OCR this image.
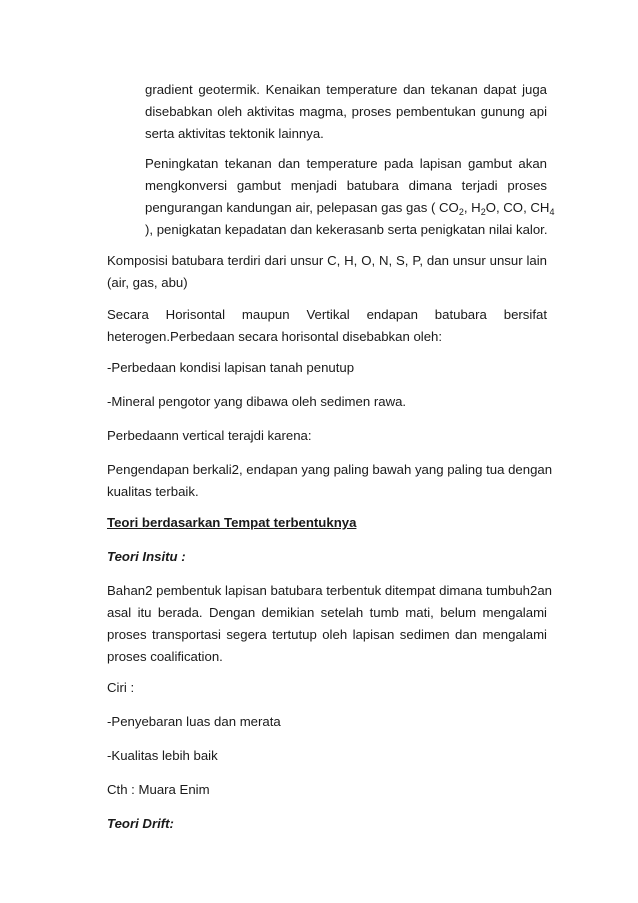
gradient geotermik. Kenaikan temperature dan tekanan dapat juga
disebabkan oleh aktivitas magma, proses pembentukan gunung api
serta aktivitas tektonik lainnya.
Peningkatan tekanan dan temperature pada lapisan gambut akan
mengkonversi gambut menjadi batubara dimana terjadi proses
pengurangan kandungan air, pelepasan gas gas ( $CO_2$, $H_2O$, CO, $CH_4$
), penigkatan kepadatan dan kekerasanb serta penigkatan nilai kalor.
Komposisi batubara terdiri dari unsur C, H, O, N, S, P, dan unsur unsur lain
(air, gas, abu)
Secara Horisontal maupun Vertikal endapan batubara bersifat
heterogen.Perbedaan secara horisontal disebabkan oleh:
-Perbedaan kondisi lapisan tanah penutup
-Mineral pengotor yang dibawa oleh sedimen rawa.
Perbedaann vertical terajdi karena:
Pengendapan berkali2, endapan yang paling bawah yang paling tua dengan
kualitas terbaik.
Teori berdasarkan Tempat terbentuknya
Teori Insitu :
Bahan2 pembentuk lapisan batubara terbentuk ditempat dimana tumbuh2an
asal itu berada. Dengan demikian setelah tumb mati, belum mengalami
proses transportasi segera tertutup oleh lapisan sedimen dan mengalami
proses coalification.
Ciri :
-Penyebaran luas dan merata
-Kualitas lebih baik
Cth : Muara Enim
Teori Drift:
